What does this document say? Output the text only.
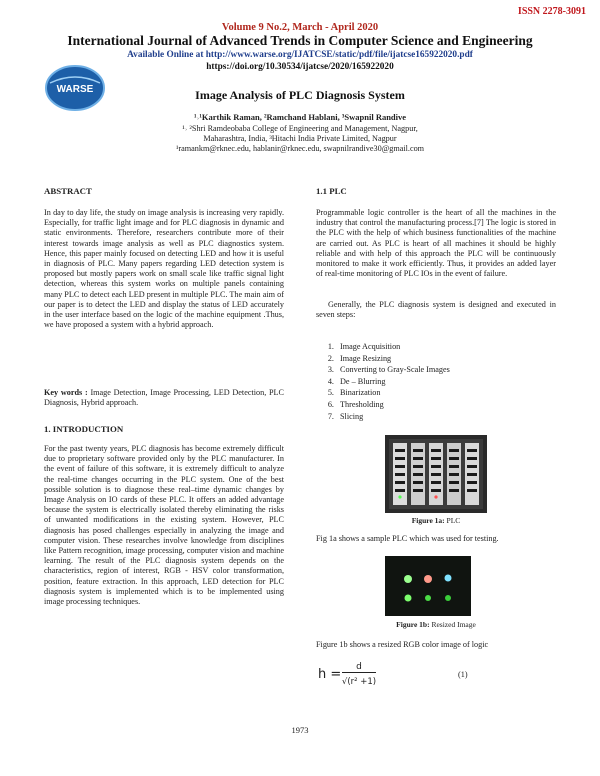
ISSN 2278-3091
Volume 9 No.2, March - April 2020
International Journal of Advanced Trends in Computer Science and Engineering
Available Online at http://www.warse.org/IJATCSE/static/pdf/file/ijatcse165922020.pdf
https://doi.org/10.30534/ijatcse/2020/165922020
WARSE	Image Analysis of PLC Diagnosis System
¹˒¹Karthik Raman, ²Ramchand Hablani, ³Swapnil Randive
¹˒ ²Shri Ramdeobaba College of Engineering and Management, Nagpur,
Maharashtra, India, ³Hitachi India Private Limited, Nagpur
¹ramankm@rknec.edu, hablanir@rknec.edu, swapnilrandive30@gmail.com
ABSTRACT
In day to day life, the study on image analysis is increasing very rapidly. Especially, for traffic light image and for PLC diagnosis in dynamic and static environments. Therefore, researchers contribute more of their interest towards image analysis as well as PLC diagnostics system. Hence, this paper mainly focused on detecting LED and how it is useful in diagnosis of PLC. Many papers regarding LED detection system is proposed but mostly papers work on small scale like traffic signal light detection, whereas this system works on multiple panels containing many PLC to detect each LED present in multiple PLC. The main aim of our paper is to detect the LED and display the status of LED accurately in the user interface based on the logic of the machine equipment .Thus, we have proposed a system with a hybrid approach.
Key words : Image Detection, Image Processing, LED Detection, PLC Diagnosis, Hybrid approach.
1. INTRODUCTION
For the past twenty years, PLC diagnosis has become extremely difficult due to proprietary software provided only by the PLC manufacturer. In the event of failure of this software, it is extremely difficult to analyze the real-time changes occurring in the PLC system. One of the best possible solution is to diagnose these real–time dynamic changes by Image Analysis on IO cards of these PLC. It offers an added advantage because the system is electrically isolated thereby eliminating the risks of unwanted modifications in the existing system. However, PLC diagnosis has posed challenges especially in analyzing the image and computer vision. These researches involve knowledge from disciplines like Pattern recognition, image processing, computer vision and machine learning. The result of the PLC diagnosis system depends on the characteristics, region of interest, RGB - HSV color transformation, position, feature extraction. In this approach, LED detection for PLC diagnosis system is implemented which is to be implemented using image processing techniques.
1.1 PLC
Programmable logic controller is the heart of all the machines in the industry that control the manufacturing process.[7] The logic is stored in the PLC with the help of which business functionalities of the machine are carried out. As PLC is heart of all machines it should be highly reliable and with help of this approach the PLC will be continuously monitored to make it work efficiently. Thus, it provides an added layer of real-time monitoring of PLC IOs in the event of failure.
Generally, the PLC diagnosis system is designed and executed in seven steps:
1. Image Acquisition
2. Image Resizing
3. Converting to Gray-Scale Images
4. De – Blurring
5. Binarization
6. Thresholding
7. Slicing
Figure 1a: PLC
Fig 1a shows a sample PLC which was used for testing.
Figure 1b: Resized Image
Figure 1b shows a resized RGB color image of logic
h =	d
√(r² +1)
(1)
1973
